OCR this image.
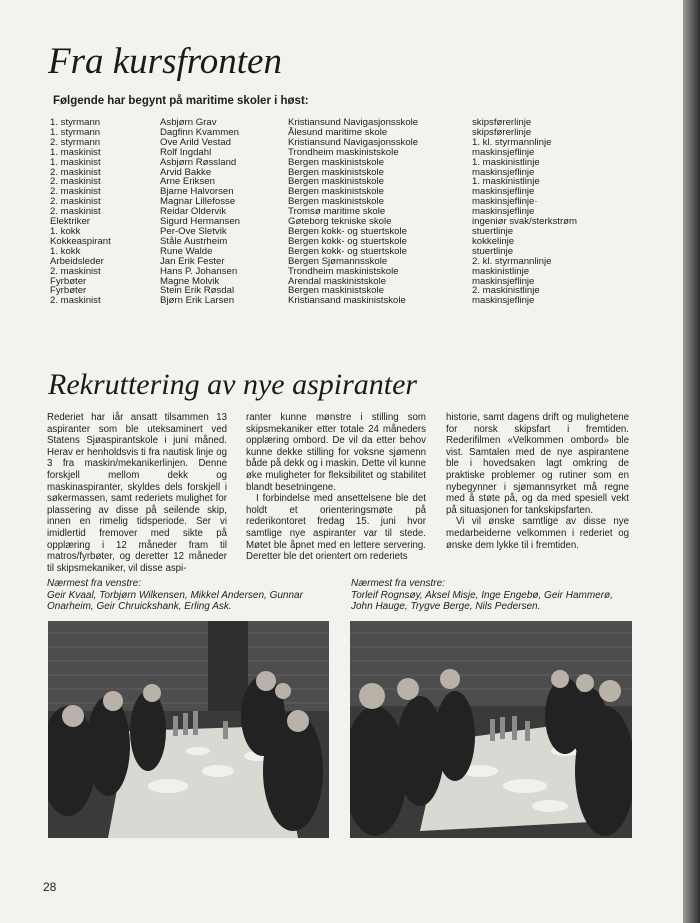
Fra kursfronten
Følgende har begynt på maritime skoler i høst:
1. styrmann
1. styrmann
2. styrmann
1. maskinist
1. maskinist
2. maskinist
2. maskinist
2. maskinist
2. maskinist
2. maskinist
Elektriker
1. kokk
Kokkeaspirant
1. kokk
Arbeidsleder
2. maskinist
Fyrbøter
Fyrbøter
2. maskinist
Asbjørn Grav
Dagfinn Kvammen
Ove Arild Vestad
Rolf Ingdahl
Asbjørn Røssland
Arvid Bakke
Arne Eriksen
Bjarne Halvorsen
Magnar Lillefosse
Reidar Oldervik
Sigurd Hermansen
Per-Ove Sletvik
Ståle Austrheim
Rune Walde
Jan Erik Fester
Hans P. Johansen
Magne Molvik
Stein Erik Røsdal
Bjørn Erik Larsen
Kristiansund Navigasjonsskole
Ålesund maritime skole
Kristiansund Navigasjonsskole
Trondheim maskinistskole
Bergen maskinistskole
Bergen maskinistskole
Bergen maskinistskole
Bergen maskinistskole
Bergen maskinistskole
Tromsø maritime skole
Gøteborg tekniske skole
Bergen kokk- og stuertskole
Bergen kokk- og stuertskole
Bergen kokk- og stuertskole
Bergen Sjømannsskole
Trondheim maskinistskole
Arendal maskinistskole
Bergen maskinistskole
Kristiansand maskinistskole
skipsførerlinje
skipsførerlinje
1. kl. styrmannlinje
maskinsjeflinje
1. maskinistlinje
maskinsjeflinje
1. maskinistlinje
maskinsjeflinje
maskinsjeflinje·
maskinsjeflinje
ingeniør svak/sterkstrøm
stuertlinje
kokkelinje
stuertlinje
2. kl. styrmannlinje
maskinistlinje
maskinsjeflinje
2. maskinistlinje
maskinsjeflinje
Rekruttering av nye aspiranter

Rederiet har iår ansatt tilsammen 13 aspiranter som ble uteksaminert ved Statens Sjøaspirantskole i juni måned. Herav er henholdsvis ti fra nautisk linje og 3 fra maskin/mekanikerlinjen. Denne forskjell mellom dekk og maskinaspiranter, skyldes dels forskjell i søkermassen, samt rederiets mulighet for plassering av disse på seilende skip, innen en rimelig tidsperiode. Ser vi imidlertid fremover med sikte på opplæring i 12 måneder fram til matros/fyrbøter, og deretter 12 måneder til skipsmekaniker, vil disse aspi-

ranter kunne mønstre i stilling som skipsmekaniker etter totale 24 måneders opplæring ombord. De vil da etter behov kunne dekke stilling for voksne sjømenn både på dekk og i maskin. Dette vil kunne øke muligheter for fleksibilitet og stabilitet blandt besetningene.

I forbindelse med ansettelsene ble det holdt et orienteringsmøte på rederikontoret fredag 15. juni hvor samtlige nye aspiranter var til stede. Møtet ble åpnet med en lettere servering. Deretter ble det orientert om rederiets

historie, samt dagens drift og mulighetene for norsk skipsfart i fremtiden. Rederifilmen «Velkommen ombord» ble vist. Samtalen med de nye aspirantene ble i hovedsaken lagt omkring de praktiske problemer og rutiner som en nybegynner i sjømannsyrket må regne med å støte på, og da med spesiell vekt på situasjonen for tankskipsfarten.

Vi vil ønske samtlige av disse nye medarbeiderne velkommen i rederiet og ønske dem lykke til i fremtiden.

Nærmest fra venstre:
Geir Kvaal, Torbjørn Wilkensen, Mikkel Andersen, Gunnar Onarheim, Geir Chruickshank, Erling Ask.
Nærmest fra venstre:
Torleif Rognsøy, Aksel Misje, Inge Engebø, Geir Hammerø, John Hauge, Trygve Berge, Nils Pedersen.
28
